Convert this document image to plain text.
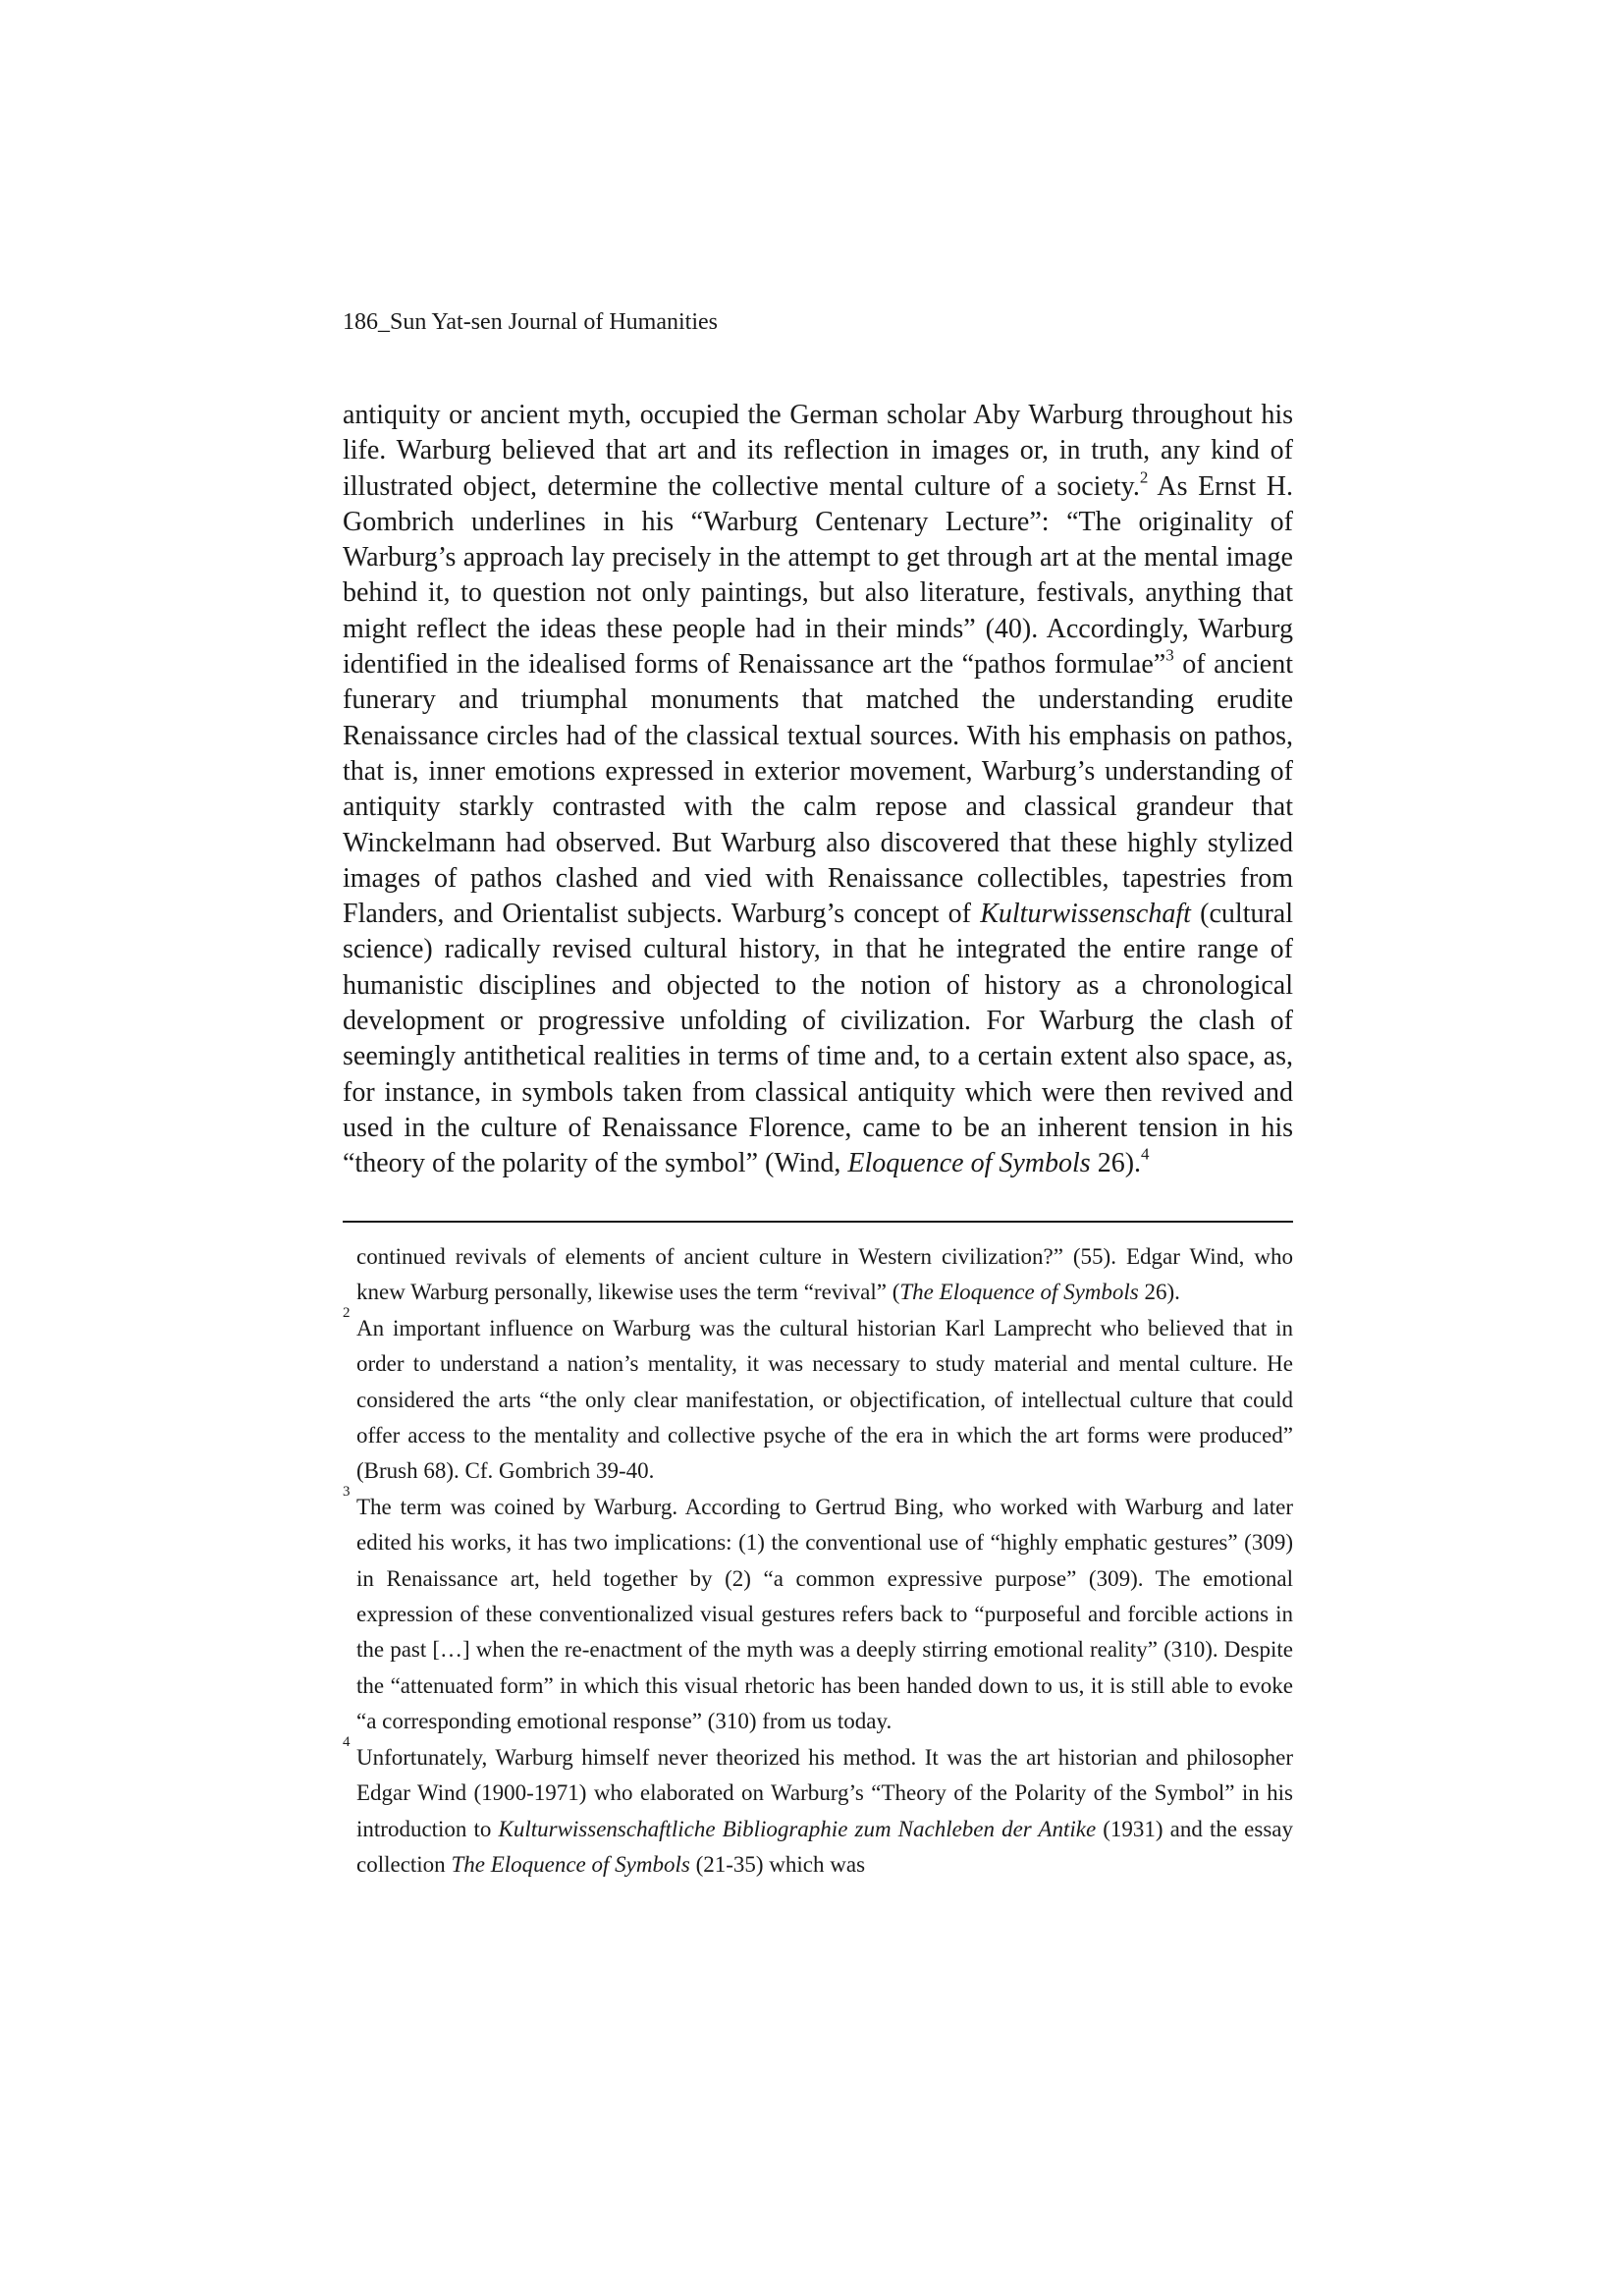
186_Sun Yat-sen Journal of Humanities

antiquity or ancient myth, occupied the German scholar Aby Warburg throughout his life. Warburg believed that art and its reflection in images or, in truth, any kind of illustrated object, determine the collective mental culture of a society.$^2$ As Ernst H. Gombrich underlines in his “Warburg Centenary Lecture”: “The originality of Warburg’s approach lay precisely in the attempt to get through art at the mental image behind it, to question not only paintings, but also literature, festivals, anything that might reflect the ideas these people had in their minds” (40). Accordingly, Warburg identified in the idealised forms of Renaissance art the “pathos formulae”$^3$ of ancient funerary and triumphal monuments that matched the understanding erudite Renaissance circles had of the classical textual sources. With his emphasis on pathos, that is, inner emotions expressed in exterior movement, Warburg’s understanding of antiquity starkly contrasted with the calm repose and classical grandeur that Winckelmann had observed. But Warburg also discovered that these highly stylized images of pathos clashed and vied with Renaissance collectibles, tapestries from Flanders, and Orientalist subjects. Warburg’s concept of Kulturwissenschaft (cultural science) radically revised cultural history, in that he integrated the entire range of humanistic disciplines and objected to the notion of history as a chronological development or progressive unfolding of civilization. For Warburg the clash of seemingly antithetical realities in terms of time and, to a certain extent also space, as, for instance, in symbols taken from classical antiquity which were then revived and used in the culture of Renaissance Florence, came to be an inherent tension in his “theory of the polarity of the symbol” (Wind, Eloquence of Symbols 26).$^4$

continued revivals of elements of ancient culture in Western civilization?” (55). Edgar Wind, who knew Warburg personally, likewise uses the term “revival” (The Eloquence of Symbols 26).

2
An important influence on Warburg was the cultural historian Karl Lamprecht who believed that in order to understand a nation’s mentality, it was necessary to study material and mental culture. He considered the arts “the only clear manifestation, or objectification, of intellectual culture that could offer access to the mentality and collective psyche of the era in which the art forms were produced” (Brush 68). Cf. Gombrich 39-40.

3
The term was coined by Warburg. According to Gertrud Bing, who worked with Warburg and later edited his works, it has two implications: (1) the conventional use of “highly emphatic gestures” (309) in Renaissance art, held together by (2) “a common expressive purpose” (309). The emotional expression of these conventionalized visual gestures refers back to “purposeful and forcible actions in the past […] when the re-enactment of the myth was a deeply stirring emotional reality” (310). Despite the “attenuated form” in which this visual rhetoric has been handed down to us, it is still able to evoke “a corresponding emotional response” (310) from us today.

4
Unfortunately, Warburg himself never theorized his method. It was the art historian and philosopher Edgar Wind (1900-1971) who elaborated on Warburg’s “Theory of the Polarity of the Symbol” in his introduction to Kulturwissenschaftliche Bibliographie zum Nachleben der Antike (1931) and the essay collection The Eloquence of Symbols (21-35) which was
